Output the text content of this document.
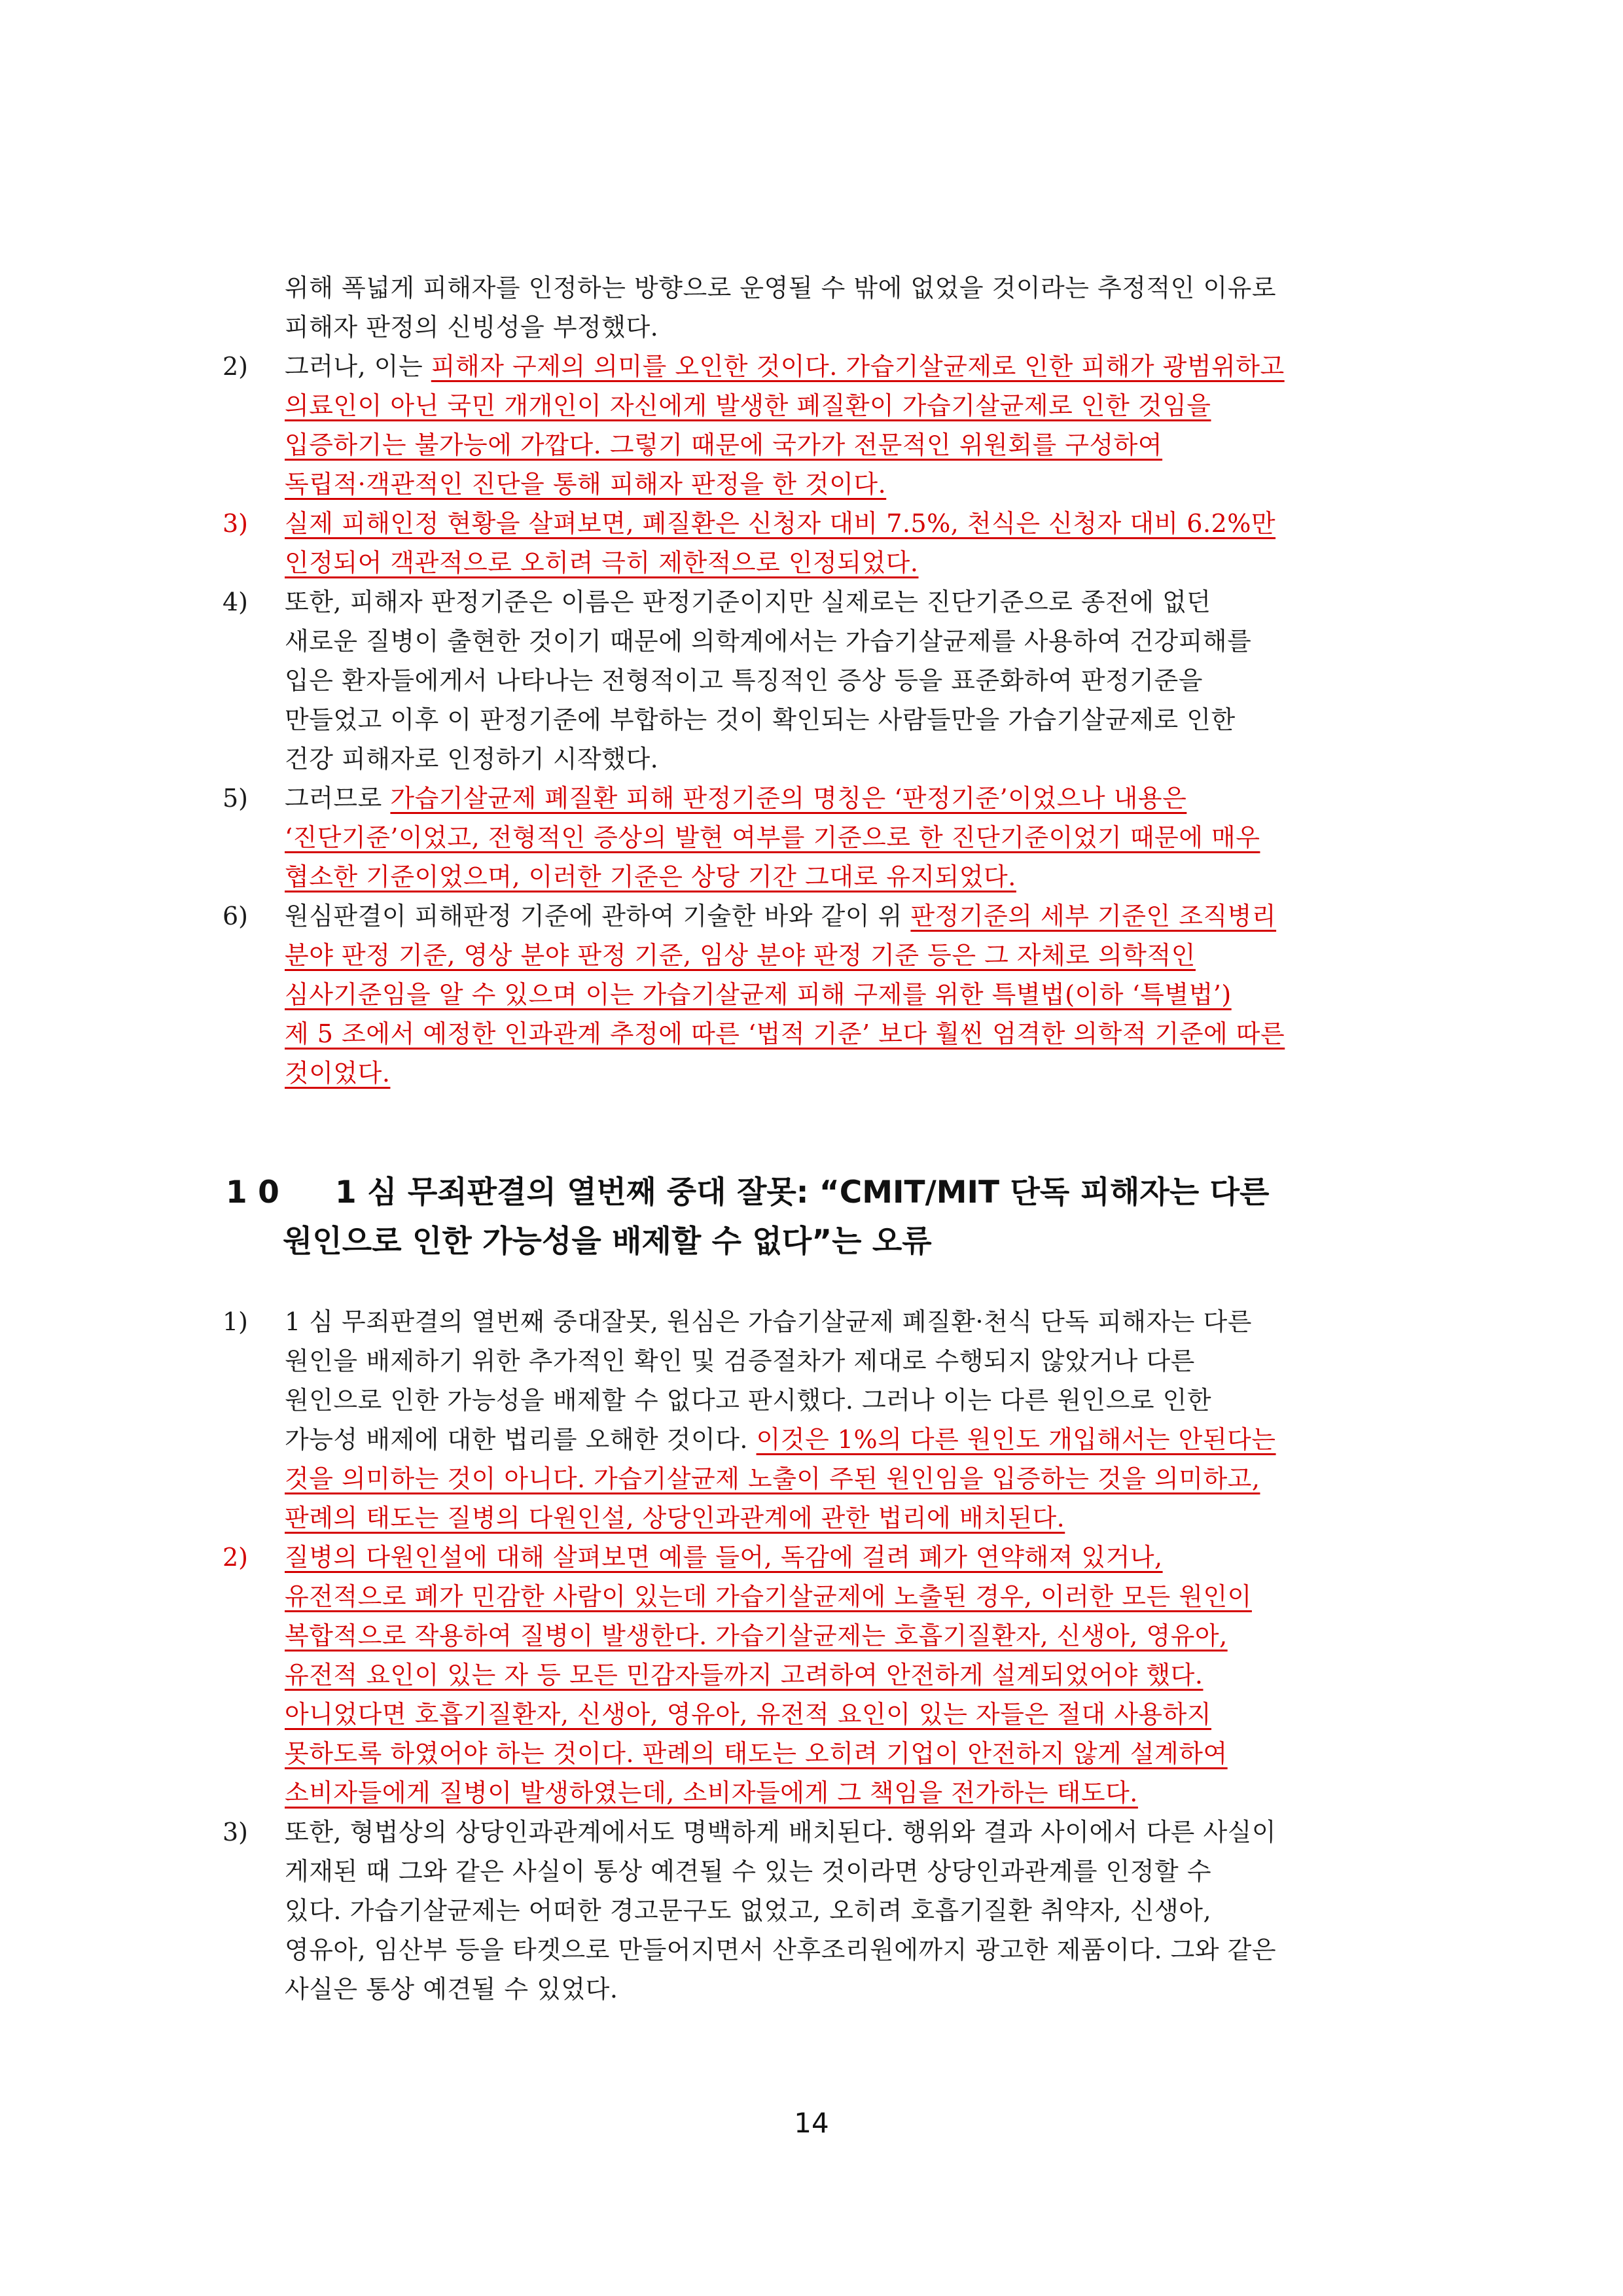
위해 폭넓게 피해자를 인정하는 방향으로 운영될 수 밖에 없었을 것이라는 추정적인 이유로
피해자 판정의 신빙성을 부정했다.
2) 그러나, 이는 피해자 구제의 의미를 오인한 것이다. 가습기살균제로 인한 피해가 광범위하고
의료인이 아닌 국민 개개인이 자신에게 발생한 폐질환이 가습기살균제로 인한 것임을
입증하기는 불가능에 가깝다. 그렇기 때문에 국가가 전문적인 위원회를 구성하여
독립적·객관적인 진단을 통해 피해자 판정을 한 것이다.
3) 실제 피해인정 현황을 살펴보면, 폐질환은 신청자 대비 7.5%, 천식은 신청자 대비 6.2%만
인정되어 객관적으로 오히려 극히 제한적으로 인정되었다.
4) 또한, 피해자 판정기준은 이름은 판정기준이지만 실제로는 진단기준으로 종전에 없던
새로운 질병이 출현한 것이기 때문에 의학계에서는 가습기살균제를 사용하여 건강피해를
입은 환자들에게서 나타나는 전형적이고 특징적인 증상 등을 표준화하여 판정기준을
만들었고 이후 이 판정기준에 부합하는 것이 확인되는 사람들만을 가습기살균제로 인한
건강 피해자로 인정하기 시작했다.
5) 그러므로 가습기살균제 폐질환 피해 판정기준의 명칭은 ‘판정기준’이었으나 내용은
‘진단기준’이었고, 전형적인 증상의 발현 여부를 기준으로 한 진단기준이었기 때문에 매우
협소한 기준이었으며, 이러한 기준은 상당 기간 그대로 유지되었다.
6) 원심판결이 피해판정 기준에 관하여 기술한 바와 같이 위 판정기준의 세부 기준인 조직병리
분야 판정 기준, 영상 분야 판정 기준, 임상 분야 판정 기준 등은 그 자체로 의학적인
심사기준임을 알 수 있으며 이는 가습기살균제 피해 구제를 위한 특별법(이하 ‘특별법’)
제 5 조에서 예정한 인과관계 추정에 따른 ‘법적 기준’ 보다 훨씬 엄격한 의학적 기준에 따른
것이었다.
1 0 1 심 무죄판결의 열번째 중대 잘못: “CMIT/MIT 단독 피해자는 다른
원인으로 인한 가능성을 배제할 수 없다”는 오류
1) 1 심 무죄판결의 열번째 중대잘못, 원심은 가습기살균제 폐질환·천식 단독 피해자는 다른
원인을 배제하기 위한 추가적인 확인 및 검증절차가 제대로 수행되지 않았거나 다른
원인으로 인한 가능성을 배제할 수 없다고 판시했다. 그러나 이는 다른 원인으로 인한
가능성 배제에 대한 법리를 오해한 것이다. 이것은 1%의 다른 원인도 개입해서는 안된다는
것을 의미하는 것이 아니다. 가습기살균제 노출이 주된 원인임을 입증하는 것을 의미하고,
판례의 태도는 질병의 다원인설, 상당인과관계에 관한 법리에 배치된다.
2) 질병의 다원인설에 대해 살펴보면 예를 들어, 독감에 걸려 폐가 연약해져 있거나,
유전적으로 폐가 민감한 사람이 있는데 가습기살균제에 노출된 경우, 이러한 모든 원인이
복합적으로 작용하여 질병이 발생한다. 가습기살균제는 호흡기질환자, 신생아, 영유아,
유전적 요인이 있는 자 등 모든 민감자들까지 고려하여 안전하게 설계되었어야 했다.
아니었다면 호흡기질환자, 신생아, 영유아, 유전적 요인이 있는 자들은 절대 사용하지
못하도록 하였어야 하는 것이다. 판례의 태도는 오히려 기업이 안전하지 않게 설계하여
소비자들에게 질병이 발생하였는데, 소비자들에게 그 책임을 전가하는 태도다.
3) 또한, 형법상의 상당인과관계에서도 명백하게 배치된다. 행위와 결과 사이에서 다른 사실이
게재된 때 그와 같은 사실이 통상 예견될 수 있는 것이라면 상당인과관계를 인정할 수
있다. 가습기살균제는 어떠한 경고문구도 없었고, 오히려 호흡기질환 취약자, 신생아,
영유아, 임산부 등을 타겟으로 만들어지면서 산후조리원에까지 광고한 제품이다. 그와 같은
사실은 통상 예견될 수 있었다.
14
